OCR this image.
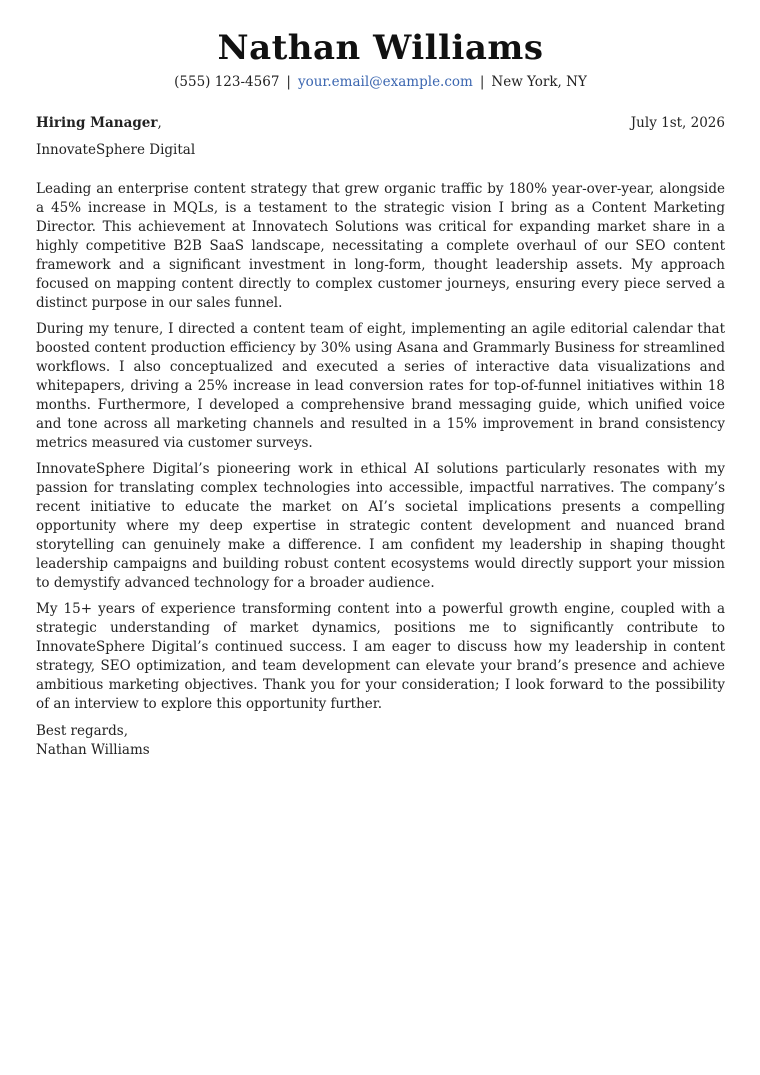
Nathan Williams
(555) 123-4567 | your.email@example.com | New York, NY
Hiring Manager,	July 1st, 2026
InnovateSphere Digital

Leading an enterprise content strategy that grew organic traffic by 180% year-over-year, alongside a 45% increase in MQLs, is a testament to the strategic vision I bring as a Content Marketing Director. This achievement at Innovatech Solutions was critical for expanding market share in a highly competitive B2B SaaS landscape, necessitating a complete overhaul of our SEO content framework and a significant investment in long-form, thought leadership assets. My approach focused on mapping content directly to complex customer journeys, ensuring every piece served a distinct purpose in our sales funnel.

During my tenure, I directed a content team of eight, implementing an agile editorial calendar that boosted content production efficiency by 30% using Asana and Grammarly Business for streamlined workflows. I also conceptualized and executed a series of interactive data visualizations and whitepapers, driving a 25% increase in lead conversion rates for top-of-funnel initiatives within 18 months. Furthermore, I developed a comprehensive brand messaging guide, which unified voice and tone across all marketing channels and resulted in a 15% improvement in brand consistency metrics measured via customer surveys.

InnovateSphere Digital’s pioneering work in ethical AI solutions particularly resonates with my passion for translating complex technologies into accessible, impactful narratives. The company’s recent initiative to educate the market on AI’s societal implications presents a compelling opportunity where my deep expertise in strategic content development and nuanced brand storytelling can genuinely make a difference. I am confident my leadership in shaping thought leadership campaigns and building robust content ecosystems would directly support your mission to demystify advanced technology for a broader audience.

My 15+ years of experience transforming content into a powerful growth engine, coupled with a strategic understanding of market dynamics, positions me to significantly contribute to InnovateSphere Digital’s continued success. I am eager to discuss how my leadership in content strategy, SEO optimization, and team development can elevate your brand’s presence and achieve ambitious marketing objectives. Thank you for your consideration; I look forward to the possibility of an interview to explore this opportunity further.

Best regards,
Nathan Williams
